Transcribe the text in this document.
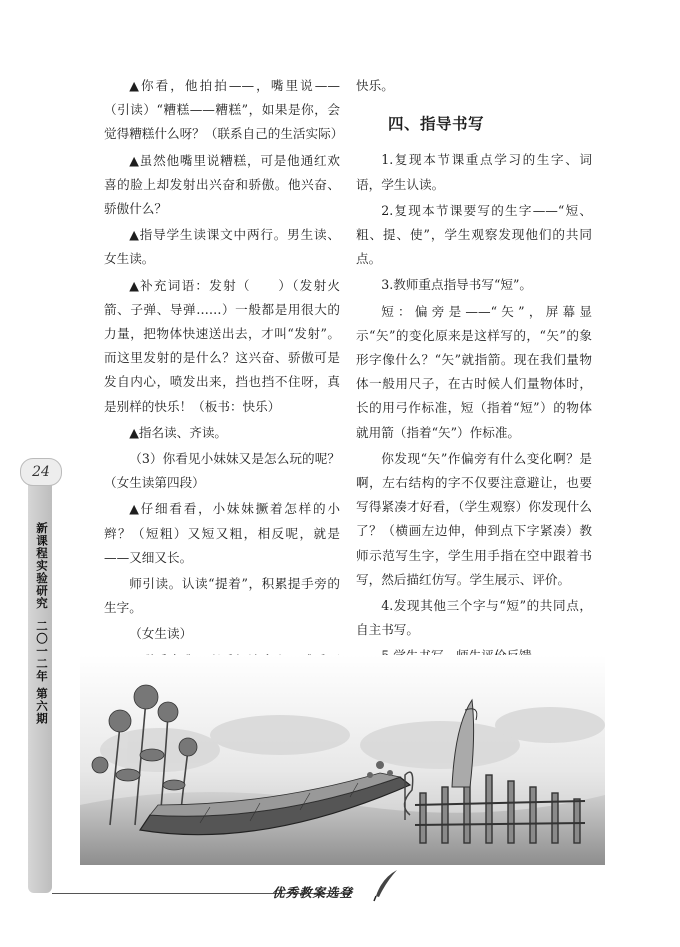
▲你看，他拍拍——，嘴里说——（引读）“糟糕——糟糕”，如果是你，会觉得糟糕什么呀？（联系自己的生活实际）

▲虽然他嘴里说糟糕，可是他通红欢喜的脸上却发射出兴奋和骄傲。他兴奋、骄傲什么？

▲指导学生读课文中两行。男生读、女生读。

▲补充词语：发射（　　）（发射火箭、子弹、导弹……）一般都是用很大的力量，把物体快速送出去，才叫“发射”。而这里发射的是什么？这兴奋、骄傲可是发自内心，喷发出来，挡也挡不住呀，真是别样的快乐！（板书：快乐）

▲指名读、齐读。

（3）你看见小妹妹又是怎么玩的呢？（女生读第四段）

▲仔细看看，小妹妹撅着怎样的小辫？（短粗）又短又粗，相反呢，就是——又细又长。

师引读。认读“提着”，积累提手旁的生字。

（女生读）

快乐。

四、指导书写

1.复现本节课重点学习的生字、词语，学生认读。

2.复现本节课要写的生字——“短、粗、提、使”，学生观察发现他们的共同点。

3.教师重点指导书写“短”。

短：偏旁是——“矢”，屏幕显示“矢”的变化原来是这样写的，“矢”的象形字像什么？“矢”就指箭。现在我们量物体一般用尺子，在古时候人们量物体时，长的用弓作标准，短（指着“短”）的物体就用箭（指着“矢”）作标准。

你发现“矢”作偏旁有什么变化啊？是啊，左右结构的字不仅要注意避让，也要写得紧凑才好看，（学生观察）你发现什么了？（横画左边伸，伸到点下字紧凑）教师示范写生字，学生用手指在空中跟着书写，然后描红仿写。学生展示、评价。

4.发现其他三个字与“短”的共同点，自主书写。

24
新课程实验研究
二〇一二年 第六期
优秀教案选登
